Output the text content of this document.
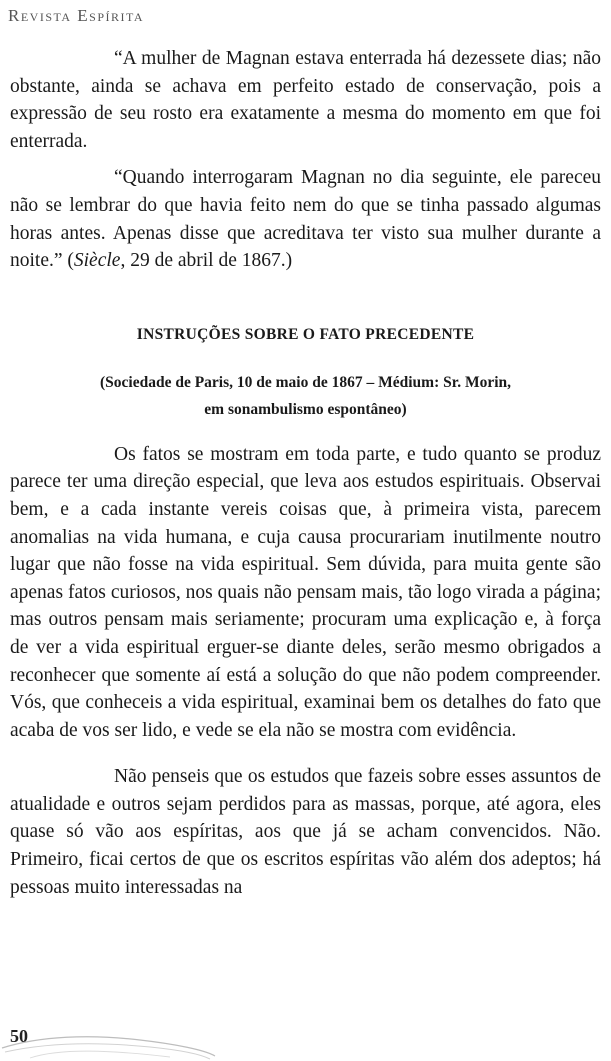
Revista Espírita

“A mulher de Magnan estava enterrada há dezessete dias; não obstante, ainda se achava em perfeito estado de conservação, pois a expressão de seu rosto era exatamente a mesma do momento em que foi enterrada.

“Quando interrogaram Magnan no dia seguinte, ele pareceu não se lembrar do que havia feito nem do que se tinha passado algumas horas antes. Apenas disse que acreditava ter visto sua mulher durante a noite.” (Siècle, 29 de abril de 1867.)

INSTRUÇÕES SOBRE O FATO PRECEDENTE
(Sociedade de Paris, 10 de maio de 1867 – Médium: Sr. Morin,
em sonambulismo espontâneo)

Os fatos se mostram em toda parte, e tudo quanto se produz parece ter uma direção especial, que leva aos estudos espirituais. Observai bem, e a cada instante vereis coisas que, à primeira vista, parecem anomalias na vida humana, e cuja causa procurariam inutilmente noutro lugar que não fosse na vida espiritual. Sem dúvida, para muita gente são apenas fatos curiosos, nos quais não pensam mais, tão logo virada a página; mas outros pensam mais seriamente; procuram uma explicação e, à força de ver a vida espiritual erguer-se diante deles, serão mesmo obrigados a reconhecer que somente aí está a solução do que não podem compreender. Vós, que conheceis a vida espiritual, examinai bem os detalhes do fato que acaba de vos ser lido, e vede se ela não se mostra com evidência.

Não penseis que os estudos que fazeis sobre esses assuntos de atualidade e outros sejam perdidos para as massas, porque, até agora, eles quase só vão aos espíritas, aos que já se acham convencidos. Não. Primeiro, ficai certos de que os escritos espíritas vão além dos adeptos; há pessoas muito interessadas na

50
